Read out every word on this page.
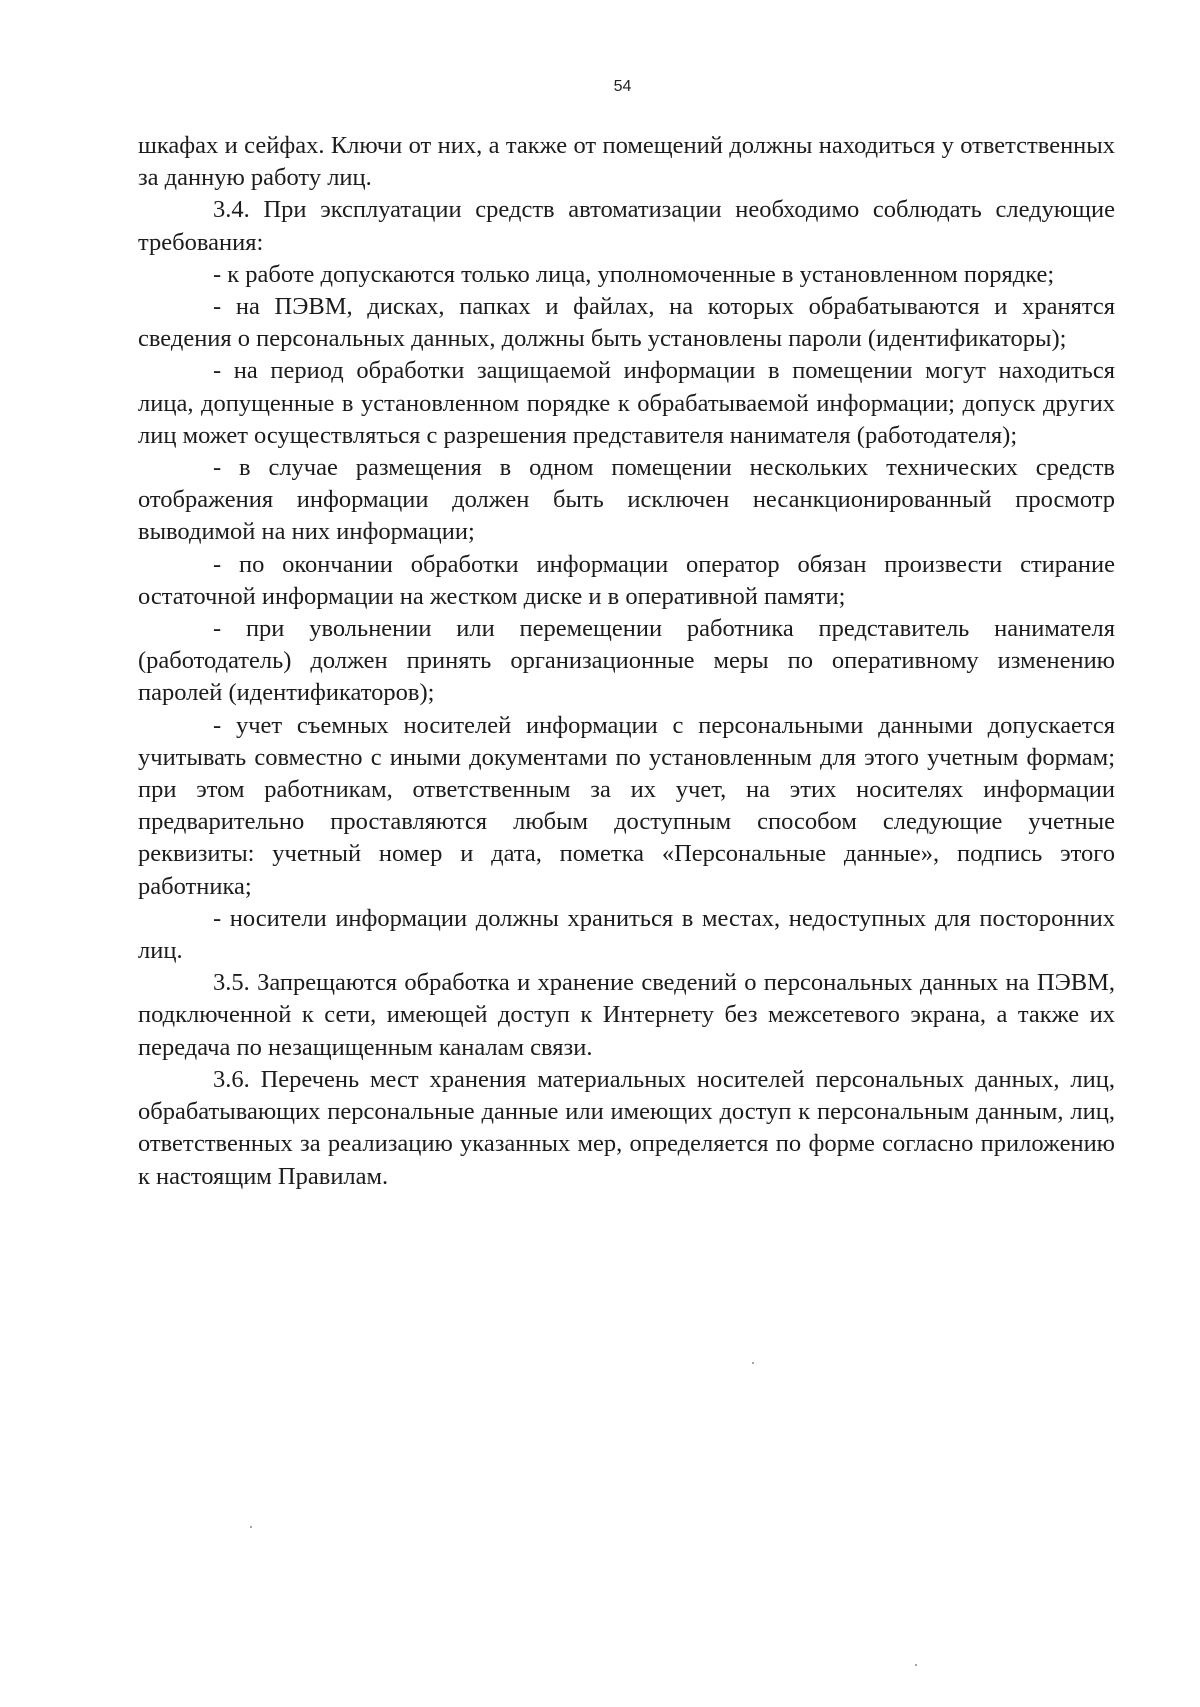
54

шкафах и сейфах. Ключи от них, а также от помещений должны находиться у ответственных за данную работу лиц.

3.4. При эксплуатации средств автоматизации необходимо соблюдать следующие требования:

- к работе допускаются только лица, уполномоченные в установленном порядке;

- на ПЭВМ, дисках, папках и файлах, на которых обрабатываются и хранятся сведения о персональных данных, должны быть установлены пароли (идентификаторы);

- на период обработки защищаемой информации в помещении могут находиться лица, допущенные в установленном порядке к обрабатываемой информации; допуск других лиц может осуществляться с разрешения представителя нанимателя (работодателя);

- в случае размещения в одном помещении нескольких технических средств отображения информации должен быть исключен несанкционированный просмотр выводимой на них информации;

- по окончании обработки информации оператор обязан произвести стирание остаточной информации на жестком диске и в оперативной памяти;

- при увольнении или перемещении работника представитель нанимателя (работодатель) должен принять организационные меры по оперативному изменению паролей (идентификаторов);

- учет съемных носителей информации с персональными данными допускается учитывать совместно с иными документами по установленным для этого учетным формам; при этом работникам, ответственным за их учет, на этих носителях информации предварительно проставляются любым доступным способом следующие учетные реквизиты: учетный номер и дата, пометка «Персональные данные», подпись этого работника;

- носители информации должны храниться в местах, недоступных для посторонних лиц.

3.5. Запрещаются обработка и хранение сведений о персональных данных на ПЭВМ, подключенной к сети, имеющей доступ к Интернету без межсетевого экрана, а также их передача по незащищенным каналам связи.

3.6. Перечень мест хранения материальных носителей персональных данных, лиц, обрабатывающих персональные данные или имеющих доступ к персональным данным, лиц, ответственных за реализацию указанных мер, определяется по форме согласно приложению к настоящим Правилам.
